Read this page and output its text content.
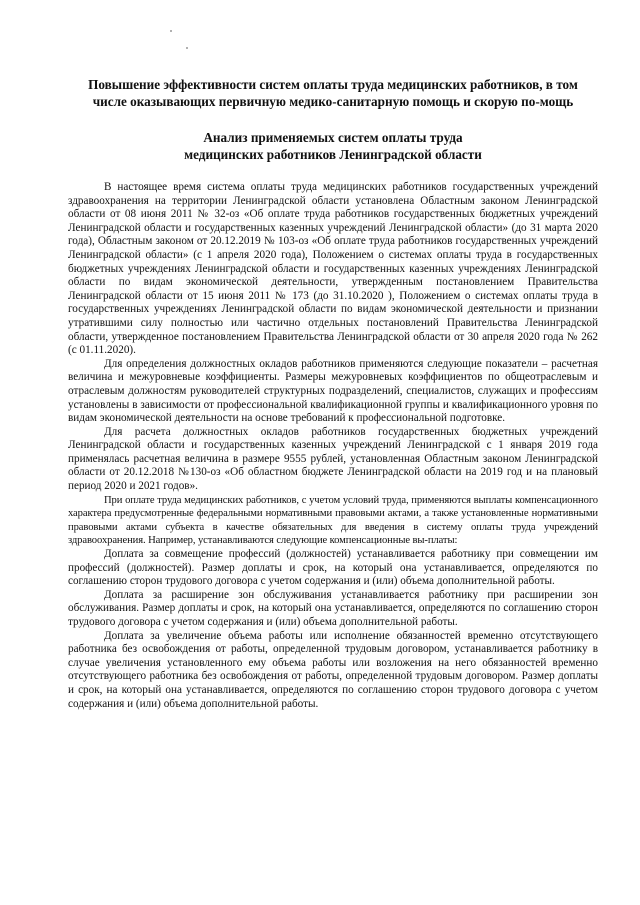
Повышение эффективности систем оплаты труда медицинских работников, в том числе оказывающих первичную медико-санитарную помощь и скорую по-мощь
Анализ применяемых систем оплаты труда
медицинских работников Ленинградской области

В настоящее время система оплаты труда медицинских работников государственных учреждений здравоохранения на территории Ленинградской области установлена Областным законом Ленинградской области от 08 июня 2011 № 32-оз «Об оплате труда работников государственных бюджетных учреждений Ленинградской области и государственных казенных учреждений Ленинградской области» (до 31 марта 2020 года), Областным законом от 20.12.2019 № 103-оз «Об оплате труда работников государственных учреждений Ленинградской области» (с 1 апреля 2020 года), Положением о системах оплаты труда в государственных бюджетных учреждениях Ленинградской области и государственных казенных учреждениях Ленинградской области по видам экономической деятельности, утвержденным постановлением Правительства Ленинградской области от 15 июня 2011 № 173 (до 31.10.2020 ), Положением о системах оплаты труда в государственных учреждениях Ленинградской области по видам экономической деятельности и признании утратившими силу полностью или частично отдельных постановлений Правительства Ленинградской области, утвержденное постановлением Правительства Ленинградской области от 30 апреля 2020 года № 262 (с 01.11.2020).

Для определения должностных окладов работников применяются следующие показатели – расчетная величина и межуровневые коэффициенты. Размеры межуровневых коэффициентов по общеотраслевым и отраслевым должностям руководителей структурных подразделений, специалистов, служащих и профессиям установлены в зависимости от профессиональной квалификационной группы и квалификационного уровня по видам экономической деятельности на основе требований к профессиональной подготовке.

Для расчета должностных окладов работников государственных бюджетных учреждений Ленинградской области и государственных казенных учреждений Ленинградской с 1 января 2019 года применялась расчетная величина в размере 9555 рублей, установленная Областным законом Ленинградской области от 20.12.2018 №130-оз «Об областном бюджете Ленинградской области на 2019 год и на плановый период 2020 и 2021 годов».

При оплате труда медицинских работников, с учетом условий труда, применяются выплаты компенсационного характера предусмотренные федеральными нормативными правовыми актами, а также установленные нормативными правовыми актами субъекта в качестве обязательных для введения в систему оплаты труда учреждений здравоохранения. Например, устанавливаются следующие компенсационные вы-платы:

Доплата за совмещение профессий (должностей) устанавливается работнику при совмещении им профессий (должностей). Размер доплаты и срок, на который она устанавливается, определяются по соглашению сторон трудового договора с учетом содержания и (или) объема дополнительной работы.

Доплата за расширение зон обслуживания устанавливается работнику при расширении зон обслуживания. Размер доплаты и срок, на который она устанавливается, определяются по соглашению сторон трудового договора с учетом содержания и (или) объема дополнительной работы.

Доплата за увеличение объема работы или исполнение обязанностей временно отсутствующего работника без освобождения от работы, определенной трудовым договором, устанавливается работнику в случае увеличения установленного ему объема работы или возложения на него обязанностей временно отсутствующего работника без освобождения от работы, определенной трудовым договором. Размер доплаты и срок, на который она устанавливается, определяются по соглашению сторон трудового договора с учетом содержания и (или) объема дополнительной работы.
